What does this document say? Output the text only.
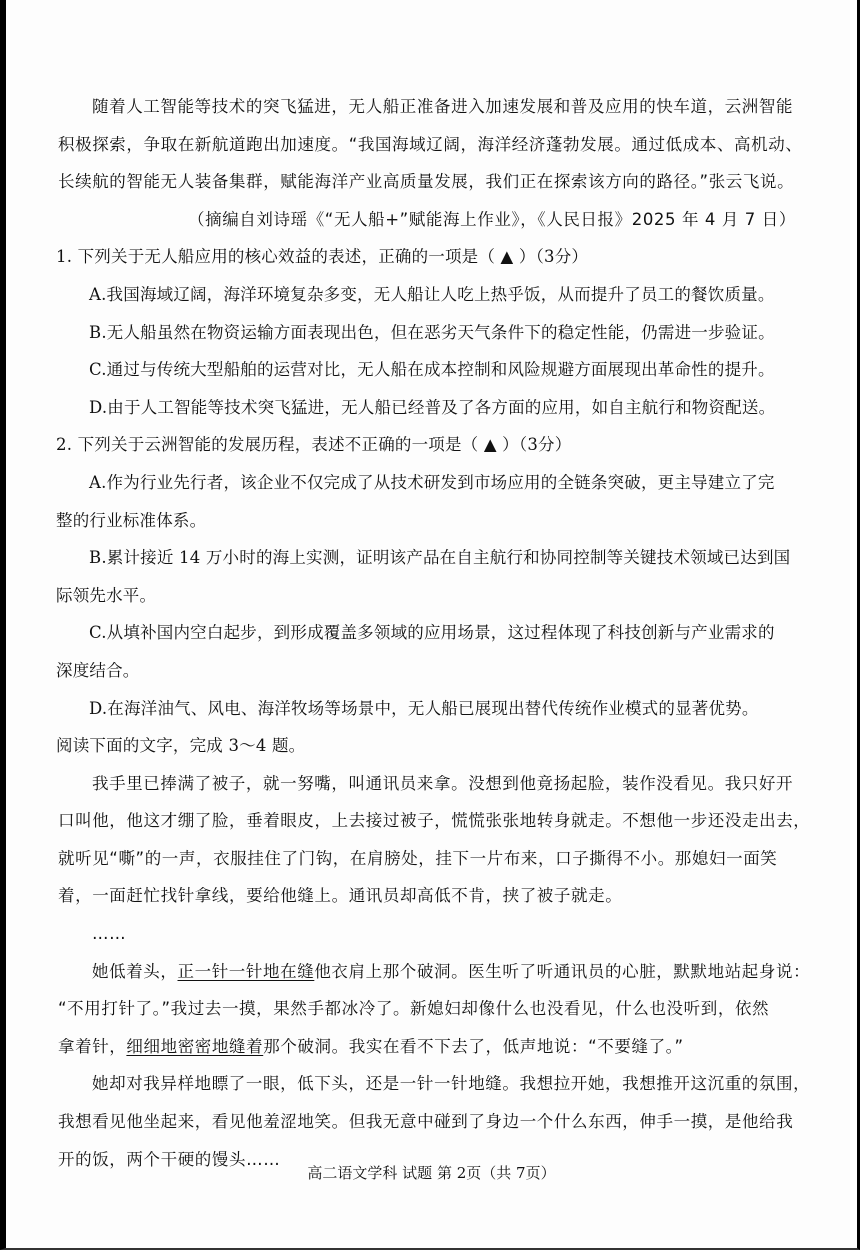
随着人工智能等技术的突飞猛进，无人船正准备进入加速发展和普及应用的快车道，云洲智能
积极探索，争取在新航道跑出加速度。“我国海域辽阔，海洋经济蓬勃发展。通过低成本、高机动、
长续航的智能无人装备集群，赋能海洋产业高质量发展，我们正在探索该方向的路径。”张云飞说。
（摘编自刘诗瑶《“无人船+”赋能海上作业》，《人民日报》2025 年 4 月 7 日）
1. 下列关于无人船应用的核心效益的表述，正确的一项是（ ▲ ）（3分）
A.我国海域辽阔，海洋环境复杂多变，无人船让人吃上热乎饭，从而提升了员工的餐饮质量。
B.无人船虽然在物资运输方面表现出色，但在恶劣天气条件下的稳定性能，仍需进一步验证。
C.通过与传统大型船舶的运营对比，无人船在成本控制和风险规避方面展现出革命性的提升。
D.由于人工智能等技术突飞猛进，无人船已经普及了各方面的应用，如自主航行和物资配送。
2. 下列关于云洲智能的发展历程，表述不正确的一项是（ ▲ ）（3分）
A.作为行业先行者，该企业不仅完成了从技术研发到市场应用的全链条突破，更主导建立了完
整的行业标准体系。
B.累计接近 14 万小时的海上实测，证明该产品在自主航行和协同控制等关键技术领域已达到国
际领先水平。
C.从填补国内空白起步，到形成覆盖多领域的应用场景，这过程体现了科技创新与产业需求的
深度结合。
D.在海洋油气、风电、海洋牧场等场景中，无人船已展现出替代传统作业模式的显著优势。
阅读下面的文字，完成 3～4 题。
我手里已捧满了被子，就一努嘴，叫通讯员来拿。没想到他竟扬起脸，装作没看见。我只好开
口叫他，他这才绷了脸，垂着眼皮，上去接过被子，慌慌张张地转身就走。不想他一步还没走出去，
就听见“嘶”的一声，衣服挂住了门钩，在肩膀处，挂下一片布来，口子撕得不小。那媳妇一面笑
着，一面赶忙找针拿线，要给他缝上。通讯员却高低不肯，挟了被子就走。
……
她低着头，正一针一针地在缝他衣肩上那个破洞。医生听了听通讯员的心脏，默默地站起身说：
“不用打针了。”我过去一摸，果然手都冰冷了。新媳妇却像什么也没看见，什么也没听到，依然
拿着针，细细地密密地缝着那个破洞。我实在看不下去了，低声地说：“不要缝了。”
她却对我异样地瞟了一眼，低下头，还是一针一针地缝。我想拉开她，我想推开这沉重的氛围，
我想看见他坐起来，看见他羞涩地笑。但我无意中碰到了身边一个什么东西，伸手一摸，是他给我
开的饭，两个干硬的馒头……
高二语文学科 试题 第 2页（共 7页）
